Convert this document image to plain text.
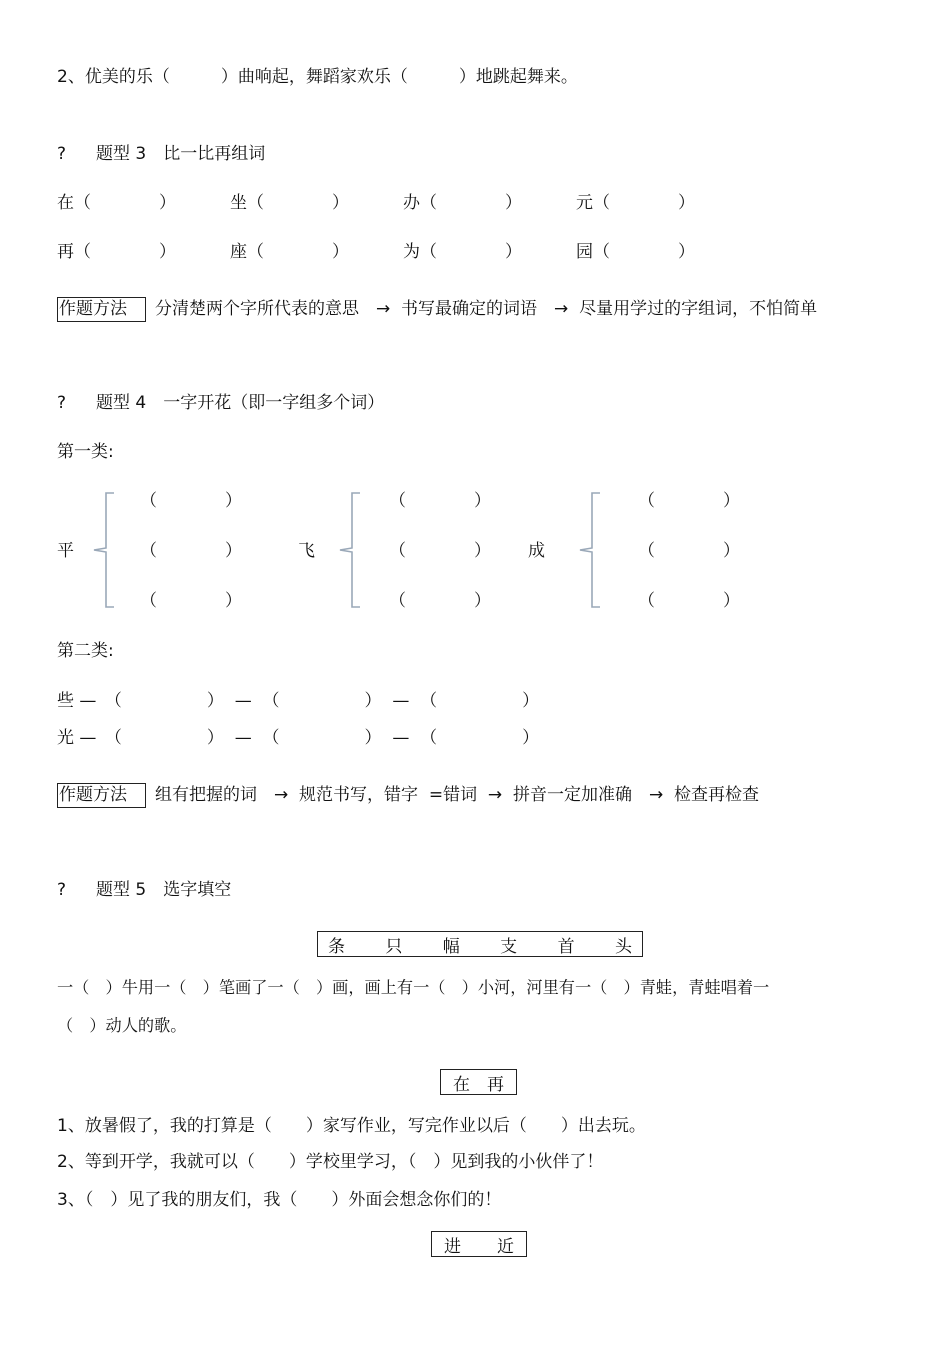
2、优美的乐（　　　）曲响起，舞蹈家欢乐（　　　）地跳起舞来。
? 题型 3　比一比再组词
在（　　　　）	坐（　　　　）	办（　　　　）	元（　　　　）
再（　　　　）	座（　　　　）	为（　　　　）	园（　　　　）
作题方法 分清楚两个字所代表的意思　→  书写最确定的词语　→  尽量用学过的字组词，不怕简单
? 题型 4　一字开花（即一字组多个词）
第一类:
平
（　　　　）
（　　　　）
（　　　　）
飞
（　　　　）
（　　　　）
（　　　　）
成
（　　　　）
（　　　　）
（　　　　）
第二类:
些 —　（　　　　　）  —  （　　　　　）  —  （　　　　　）
光 —　（　　　　　）  —  （　　　　　）  —  （　　　　　）
作题方法 组有把握的词　→  规范书写，错字  =错词  →  拼音一定加准确　→  检查再检查
? 题型 5　选字填空
条 只 幅 支 首 头
一（　）牛用一（　）笔画了一（　）画，画上有一（　）小河，河里有一（　）青蛙，青蛙唱着一
（　）动人的歌。
在 再
1、放暑假了，我的打算是（　　）家写作业，写完作业以后（　　）出去玩。
2、等到开学，我就可以（　　）学校里学习，（　）见到我的小伙伴了！
3、（　）见了我的朋友们，我（　　）外面会想念你们的！
进 近
